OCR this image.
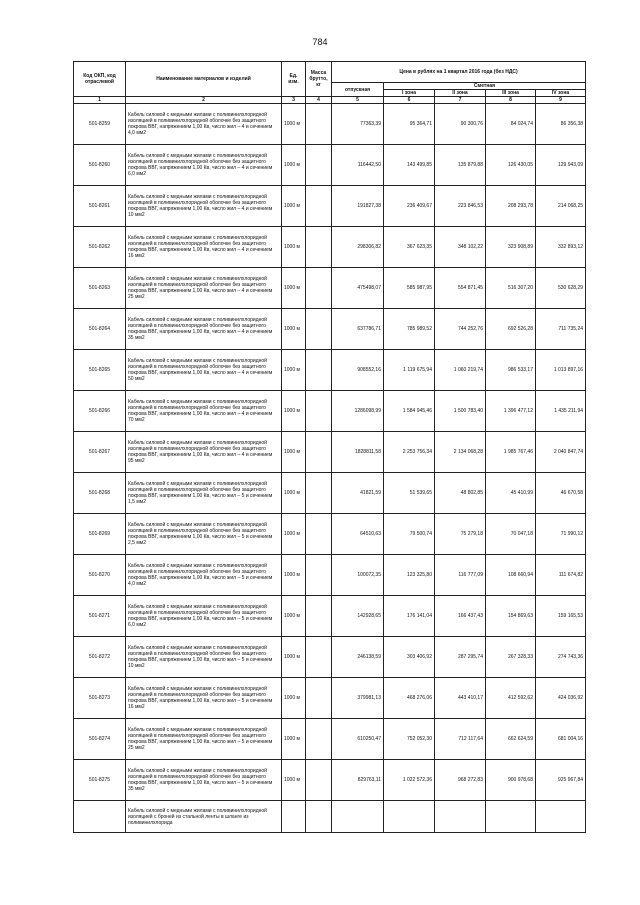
784
Код ОКП, код отраслевой	Наименование материалов и изделий	Ед. изм.	Масса брутто, кг	Цена в рублях на 1 квартал 2016 года (без НДС)				
				отпускная	Сметная			
					I зона	II зона	III зона	IV зона
1	2	3	4	5	6	7	8	9
501-8259	Кабель силовой с медными жилами с поливинилхлоридной изоляцией в поливинилхлоридной оболочке без защитного покрова ВВГ, напряжением 1,00 Кв, число жил – 4 и сечением 4,0 мм2	1000 м		77363,39	95 364,71	90 300,76	84 024,74	86 356,38
501-8260	Кабель силовой с медными жилами с поливинилхлоридной изоляцией в поливинилхлоридной оболочке без защитного покрова ВВГ, напряжением 1,00 Кв, число жил – 4 и сечением 6,0 мм2	1000 м		116442,50	143 499,85	135 879,88	126 430,05	129 943,09
501-8261	Кабель силовой с медными жилами с поливинилхлоридной изоляцией в поливинилхлоридной оболочке без защитного покрова ВВГ, напряжением 1,00 Кв, число жил – 4 и сечением 10 мм2	1000 м		191827,38	236 409,67	223 846,53	208 293,78	214 068,25
501-8262	Кабель силовой с медными жилами с поливинилхлоридной изоляцией в поливинилхлоридной оболочке без защитного покрова ВВГ, напряжением 1,00 Кв, число жил – 4 и сечением 16 мм2	1000 м		298306,82	367 623,35	348 102,22	323 908,89	332 893,12
501-8263	Кабель силовой с медными жилами с поливинилхлоридной изоляцией в поливинилхлоридной оболочке без защитного покрова ВВГ, напряжением 1,00 Кв, число жил – 4 и сечением 25 мм2	1000 м		475498,07	585 987,95	554 871,45	516 307,20	530 628,29
501-8264	Кабель силовой с медными жилами с поливинилхлоридной изоляцией в поливинилхлоридной оболочке без защитного покрова ВВГ, напряжением 1,00 Кв, число жил – 4 и сечением 35 мм2	1000 м		637786,71	785 989,52	744 252,76	692 526,28	711 735,24
501-8265	Кабель силовой с медными жилами с поливинилхлоридной изоляцией в поливинилхлоридной оболочке без защитного покрова ВВГ, напряжением 1,00 Кв, число жил – 4 и сечением 50 мм2	1000 м		908552,16	1 119 675,94	1 060 219,74	986 533,17	1 013 897,16
501-8266	Кабель силовой с медными жилами с поливинилхлоридной изоляцией в поливинилхлоридной оболочке без защитного покрова ВВГ, напряжением 1,00 Кв, число жил – 4 и сечением 70 мм2	1000 м		1286098,99	1 584 945,46	1 500 783,40	1 396 477,12	1 435 211,94
501-8267	Кабель силовой с медными жилами с поливинилхлоридной изоляцией в поливинилхлоридной оболочке без защитного покрова ВВГ, напряжением 1,00 Кв, число жил – 4 и сечением 95 мм2	1000 м		1828811,58	2 253 756,34	2 134 068,28	1 985 767,46	2 040 847,74
501-8268	Кабель силовой с медными жилами с поливинилхлоридной изоляцией в поливинилхлоридной оболочке без защитного покрова ВВГ, напряжением 1,00 Кв, число жил – 5 и сечением 1,5 мм2	1000 м		41821,59	51 539,65	48 802,85	45 410,99	46 670,58
501-8269	Кабель силовой с медными жилами с поливинилхлоридной изоляцией в поливинилхлоридной оболочке без защитного покрова ВВГ, напряжением 1,00 Кв, число жил – 5 и сечением 2,5 мм2	1000 м		64510,63	79 500,74	75 279,18	70 047,18	71 990,12
501-8270	Кабель силовой с медными жилами с поливинилхлоридной изоляцией в поливинилхлоридной оболочке без защитного покрова ВВГ, напряжением 1,00 Кв, число жил – 5 и сечением 4,0 мм2	1000 м		100072,35	123 325,80	116 777,09	108 660,94	111 674,82
501-8271	Кабель силовой с медными жилами с поливинилхлоридной изоляцией в поливинилхлоридной оболочке без защитного покрова ВВГ, напряжением 1,00 Кв, число жил – 5 и сечением 6,0 мм2	1000 м		142928,65	176 141,04	166 437,43	154 869,63	159 165,53
501-8272	Кабель силовой с медными жилами с поливинилхлоридной изоляцией в поливинилхлоридной оболочке без защитного покрова ВВГ, напряжением 1,00 Кв, число жил – 5 и сечением 10 мм2	1000 м		246138,59	303 406,92	287 295,74	267 328,33	274 743,36
501-8273	Кабель силовой с медными жилами с поливинилхлоридной изоляцией в поливинилхлоридной оболочке без защитного покрова ВВГ, напряжением 1,00 Кв, число жил – 5 и сечением 16 мм2	1000 м		379981,13	468 276,06	443 410,17	412 592,62	424 036,92
501-8274	Кабель силовой с медными жилами с поливинилхлоридной изоляцией в поливинилхлоридной оболочке без защитного покрова ВВГ, напряжением 1,00 Кв, число жил – 5 и сечением 25 мм2	1000 м		610250,47	752 052,30	712 117,64	662 624,59	681 004,16
501-8275	Кабель силовой с медными жилами с поливинилхлоридной изоляцией в поливинилхлоридной оболочке без защитного покрова ВВГ, напряжением 1,00 Кв, число жил – 5 и сечением 35 мм2	1000 м		829763,11	1 022 572,36	968 272,83	900 978,68	925 967,84
	Кабель силовой с медными жилами с поливинилхлоридной изоляцией с броней из стальной ленты в шлангe из поливинилхлорида							
